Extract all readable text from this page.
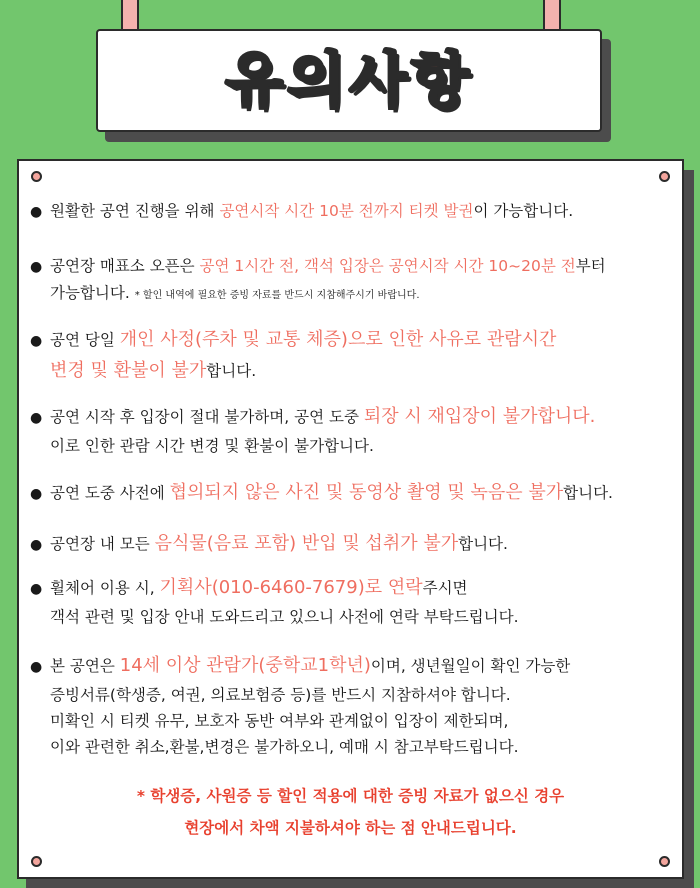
유의사항
● 원활한 공연 진행을 위해 공연시작 시간 10분 전까지 티켓 발권이 가능합니다.
● 공연장 매표소 오픈은 공연 1시간 전, 객석 입장은 공연시작 시간 10~20분 전부터
가능합니다. * 할인 내역에 필요한 증빙 자료를 반드시 지참해주시기 바랍니다.
● 공연 당일 개인 사정(주차 및 교통 체증)으로 인한 사유로 관람시간
변경 및 환불이 불가합니다.
● 공연 시작 후 입장이 절대 불가하며, 공연 도중 퇴장 시 재입장이 불가합니다.
이로 인한 관람 시간 변경 및 환불이 불가합니다.
● 공연 도중 사전에 협의되지 않은 사진 및 동영상 촬영 및 녹음은 불가합니다.
● 공연장 내 모든 음식물(음료 포함) 반입 및 섭취가 불가합니다.
● 휠체어 이용 시, 기획사(010-6460-7679)로 연락주시면
객석 관련 및 입장 안내 도와드리고 있으니 사전에 연락 부탁드립니다.
● 본 공연은 14세 이상 관람가(중학교1학년)이며, 생년월일이 확인 가능한
증빙서류(학생증, 여권, 의료보험증 등)를 반드시 지참하셔야 합니다.
미확인 시 티켓 유무, 보호자 동반 여부와 관계없이 입장이 제한되며,
이와 관련한 취소,환불,변경은 불가하오니, 예매 시 참고부탁드립니다.
* 학생증, 사원증 등 할인 적용에 대한 증빙 자료가 없으신 경우
현장에서 차액 지불하셔야 하는 점 안내드립니다.
